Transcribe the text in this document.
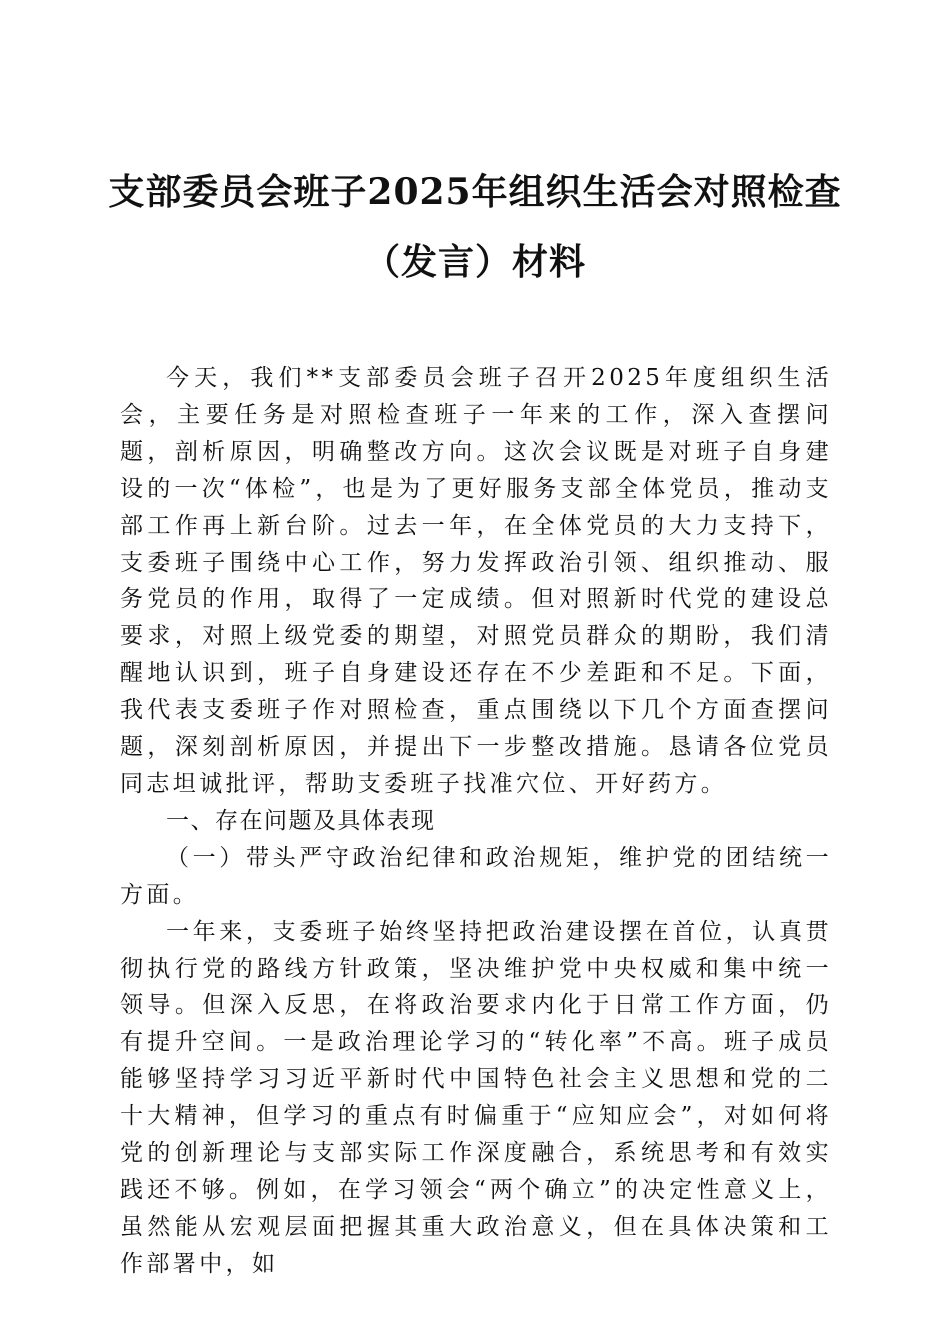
支部委员会班子2025年组织生活会对照检查
（发言）材料

今天，我们**支部委员会班子召开2025年度组织生活会，主要任务是对照检查班子一年来的工作，深入查摆问题，剖析原因，明确整改方向。这次会议既是对班子自身建设的一次“体检”，也是为了更好服务支部全体党员，推动支部工作再上新台阶。过去一年，在全体党员的大力支持下，支委班子围绕中心工作，努力发挥政治引领、组织推动、服务党员的作用，取得了一定成绩。但对照新时代党的建设总要求，对照上级党委的期望，对照党员群众的期盼，我们清醒地认识到，班子自身建设还存在不少差距和不足。下面，我代表支委班子作对照检查，重点围绕以下几个方面查摆问题，深刻剖析原因，并提出下一步整改措施。恳请各位党员同志坦诚批评，帮助支委班子找准穴位、开好药方。

一、存在问题及具体表现

（一）带头严守政治纪律和政治规矩，维护党的团结统一方面。

一年来，支委班子始终坚持把政治建设摆在首位，认真贯彻执行党的路线方针政策，坚决维护党中央权威和集中统一领导。但深入反思，在将政治要求内化于日常工作方面，仍有提升空间。一是政治理论学习的“转化率”不高。班子成员能够坚持学习习近平新时代中国特色社会主义思想和党的二十大精神，但学习的重点有时偏重于“应知应会”，对如何将党的创新理论与支部实际工作深度融合，系统思考和有效实践还不够。例如，在学习领会“两个确立”的决定性意义上，虽然能从宏观层面把握其重大政治意义，但在具体决策和工作部署中，如
